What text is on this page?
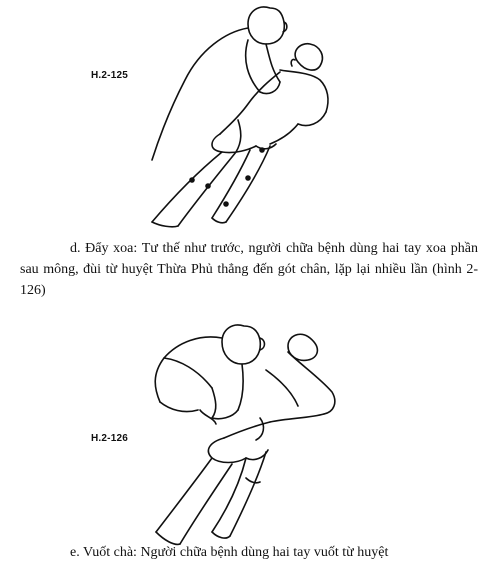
H.2-125
d. Đẩy xoa: Tư thế như trước, người chữa bệnh dùng hai tay xoa phần sau mông, đùi từ huyệt Thừa Phủ thẳng đến gót chân, lặp lại nhiều lần (hình 2-126)
H.2-126
e. Vuốt chà: Người chữa bệnh dùng hai tay vuốt từ huyệt
